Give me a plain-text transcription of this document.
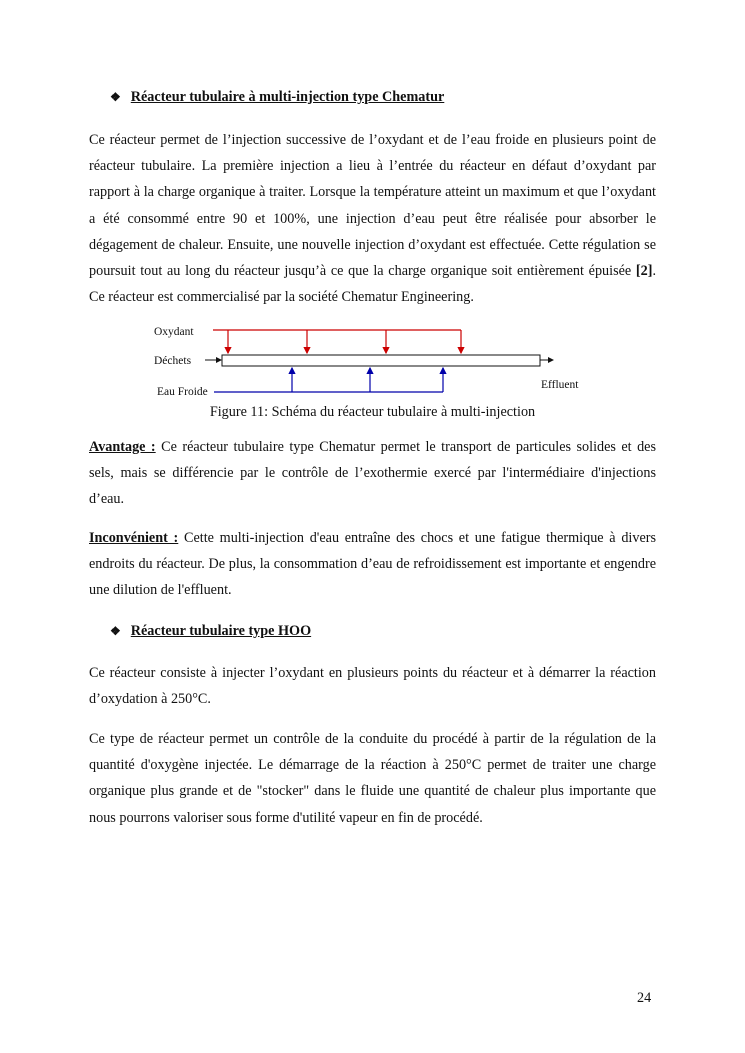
❖ Réacteur tubulaire à multi-injection type Chematur
Ce réacteur permet de l’injection successive de l’oxydant et de l’eau froide en plusieurs point de réacteur tubulaire. La première injection a lieu à l’entrée du réacteur en défaut d’oxydant par rapport à la charge organique à traiter. Lorsque la température atteint un maximum et que l’oxydant a été consommé entre 90 et 100%, une injection d’eau peut être réalisée pour absorber le dégagement de chaleur. Ensuite, une nouvelle injection d’oxydant est effectuée. Cette régulation se poursuit tout au long du réacteur jusqu’à ce que la charge organique soit entièrement épuisée [2]. Ce réacteur est commercialisé par la société Chematur Engineering.
Oxydant
Déchets
Eau Froide
Effluent
Figure 11: Schéma du réacteur tubulaire à multi-injection
Avantage : Ce réacteur tubulaire type Chematur permet le transport de particules solides et des sels, mais se différencie par le contrôle de l’exothermie exercé par l'intermédiaire d'injections d’eau.
Inconvénient : Cette multi-injection d'eau entraîne des chocs et une fatigue thermique à divers endroits du réacteur. De plus, la consommation d’eau de refroidissement est importante et engendre une dilution de l'effluent.
❖ Réacteur tubulaire type HOO
Ce réacteur consiste à injecter l’oxydant en plusieurs points du réacteur et à démarrer la réaction d’oxydation à 250°C.
Ce type de réacteur permet un contrôle de la conduite du procédé à partir de la régulation de la quantité d'oxygène injectée. Le démarrage de la réaction à 250°C permet de traiter une charge organique plus grande et de "stocker" dans le fluide une quantité de chaleur plus importante que nous pourrons valoriser sous forme d'utilité vapeur en fin de procédé.
24
